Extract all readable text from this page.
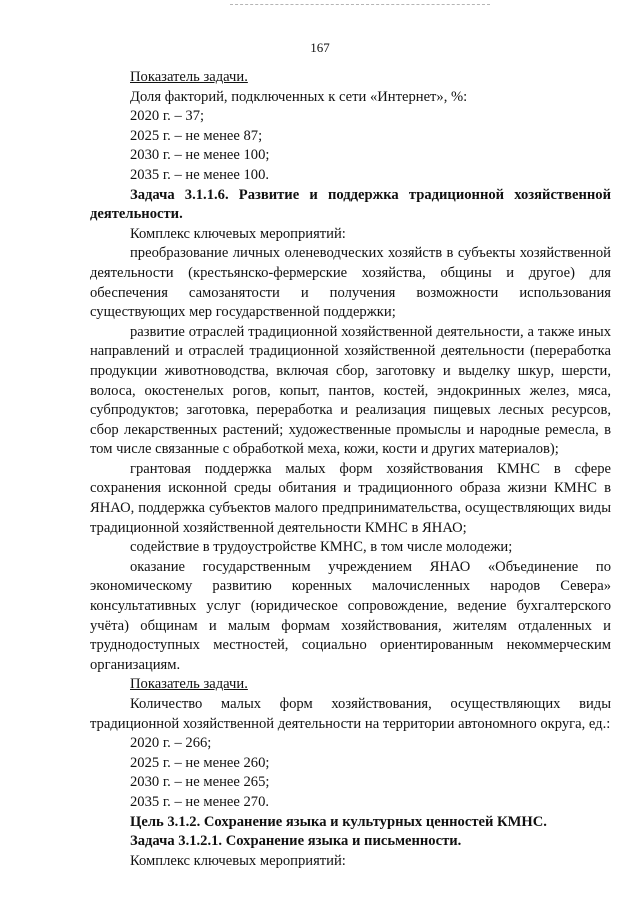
167

Показатель задачи.

Доля факторий, подключенных к сети «Интернет», %:

2020 г. – 37;

2025 г. – не менее 87;

2030 г. – не менее 100;

2035 г. – не менее 100.

Задача 3.1.1.6. Развитие и поддержка традиционной хозяйственной деятельности.

Комплекс ключевых мероприятий:

преобразование личных оленеводческих хозяйств в субъекты хозяйственной деятельности (крестьянско-фермерские хозяйства, общины и другое) для обеспечения самозанятости и получения возможности использования существующих мер государственной поддержки;

развитие отраслей традиционной хозяйственной деятельности, а также иных направлений и отраслей традиционной хозяйственной деятельности (переработка продукции животноводства, включая сбор, заготовку и выделку шкур, шерсти, волоса, окостенелых рогов, копыт, пантов, костей, эндокринных желез, мяса, субпродуктов; заготовка, переработка и реализация пищевых лесных ресурсов, сбор лекарственных растений; художественные промыслы и народные ремесла, в том числе связанные с обработкой меха, кожи, кости и других материалов);

грантовая поддержка малых форм хозяйствования КМНС в сфере сохранения исконной среды обитания и традиционного образа жизни КМНС в ЯНАО, поддержка субъектов малого предпринимательства, осуществляющих виды традиционной хозяйственной деятельности КМНС в ЯНАО;

содействие в трудоустройстве КМНС, в том числе молодежи;

оказание государственным учреждением ЯНАО «Объединение по экономическому развитию коренных малочисленных народов Севера» консультативных услуг (юридическое сопровождение, ведение бухгалтерского учёта) общинам и малым формам хозяйствования, жителям отдаленных и труднодоступных местностей, социально ориентированным некоммерческим организациям.

Показатель задачи.

Количество малых форм хозяйствования, осуществляющих виды традиционной хозяйственной деятельности на территории автономного округа, ед.:

2020 г. – 266;

2025 г. – не менее 260;

2030 г. – не менее 265;

2035 г. – не менее 270.

Цель 3.1.2. Сохранение языка и культурных ценностей КМНС.

Задача 3.1.2.1. Сохранение языка и письменности.

Комплекс ключевых мероприятий:
